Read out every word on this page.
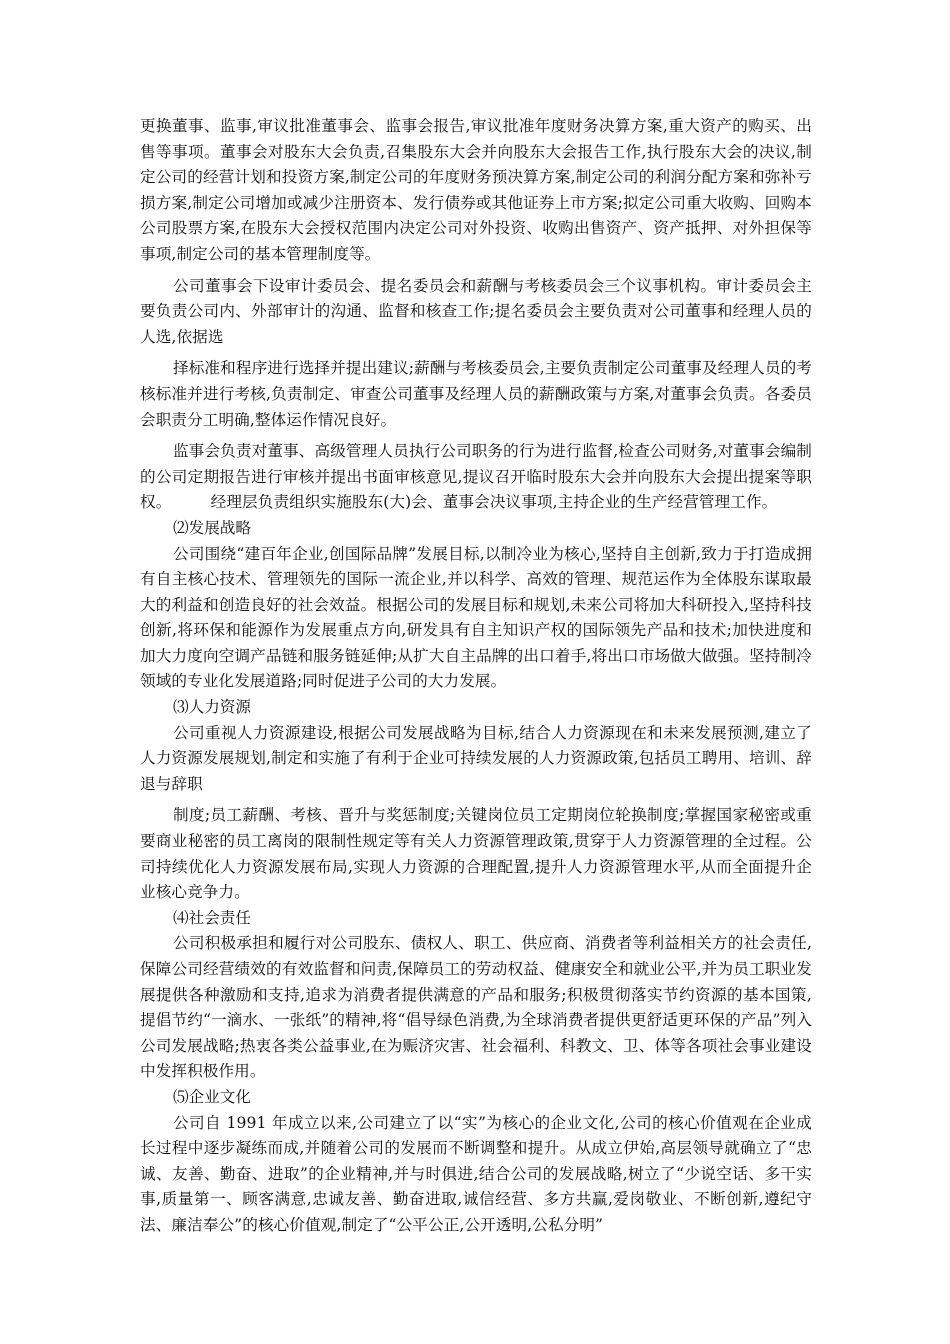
更换董事、监事,审议批准董事会、监事会报告,审议批准年度财务决算方案,重大资产的购买、出售等事项。董事会对股东大会负责,召集股东大会并向股东大会报告工作,执行股东大会的决议,制定公司的经营计划和投资方案,制定公司的年度财务预决算方案,制定公司的利润分配方案和弥补亏损方案,制定公司增加或减少注册资本、发行债券或其他证券上市方案;拟定公司重大收购、回购本公司股票方案,在股东大会授权范围内决定公司对外投资、收购出售资产、资产抵押、对外担保等事项,制定公司的基本管理制度等。

公司董事会下设审计委员会、提名委员会和薪酬与考核委员会三个议事机构。审计委员会主要负责公司内、外部审计的沟通、监督和核查工作;提名委员会主要负责对公司董事和经理人员的人选,依据选

择标准和程序进行选择并提出建议;薪酬与考核委员会,主要负责制定公司董事及经理人员的考核标准并进行考核,负责制定、审查公司董事及经理人员的薪酬政策与方案,对董事会负责。各委员会职责分工明确,整体运作情况良好。

监事会负责对董事、高级管理人员执行公司职务的行为进行监督,检查公司财务,对董事会编制的公司定期报告进行审核并提出书面审核意见,提议召开临时股东大会并向股东大会提出提案等职权。　　　经理层负责组织实施股东(大)会、董事会决议事项,主持企业的生产经营管理工作。

⑵发展战略

公司围绕“建百年企业,创国际品牌”发展目标,以制冷业为核心,坚持自主创新,致力于打造成拥有自主核心技术、管理领先的国际一流企业,并以科学、高效的管理、规范运作为全体股东谋取最大的利益和创造良好的社会效益。根据公司的发展目标和规划,未来公司将加大科研投入,坚持科技创新,将环保和能源作为发展重点方向,研发具有自主知识产权的国际领先产品和技术;加快进度和加大力度向空调产品链和服务链延伸;从扩大自主品牌的出口着手,将出口市场做大做强。坚持制冷领域的专业化发展道路;同时促进子公司的大力发展。

⑶人力资源

公司重视人力资源建设,根据公司发展战略为目标,结合人力资源现在和未来发展预测,建立了人力资源发展规划,制定和实施了有利于企业可持续发展的人力资源政策,包括员工聘用、培训、辞退与辞职

制度;员工薪酬、考核、晋升与奖惩制度;关键岗位员工定期岗位轮换制度;掌握国家秘密或重要商业秘密的员工离岗的限制性规定等有关人力资源管理政策,贯穿于人力资源管理的全过程。公司持续优化人力资源发展布局,实现人力资源的合理配置,提升人力资源管理水平,从而全面提升企业核心竞争力。

⑷社会责任

公司积极承担和履行对公司股东、债权人、职工、供应商、消费者等利益相关方的社会责任,保障公司经营绩效的有效监督和问责,保障员工的劳动权益、健康安全和就业公平,并为员工职业发展提供各种激励和支持,追求为消费者提供满意的产品和服务;积极贯彻落实节约资源的基本国策,提倡节约“一滴水、一张纸”的精神,将“倡导绿色消费,为全球消费者提供更舒适更环保的产品”列入公司发展战略;热衷各类公益事业,在为赈济灾害、社会福利、科教文、卫、体等各项社会事业建设中发挥积极作用。

⑸企业文化

公司自 1991 年成立以来,公司建立了以“实”为核心的企业文化,公司的核心价值观在企业成长过程中逐步凝练而成,并随着公司的发展而不断调整和提升。从成立伊始,高层领导就确立了“忠诚、友善、勤奋、进取”的企业精神,并与时俱进,结合公司的发展战略,树立了“少说空话、多干实事,质量第一、顾客满意,忠诚友善、勤奋进取,诚信经营、多方共赢,爱岗敬业、不断创新,遵纪守法、廉洁奉公”的核心价值观,制定了“公平公正,公开透明,公私分明”
